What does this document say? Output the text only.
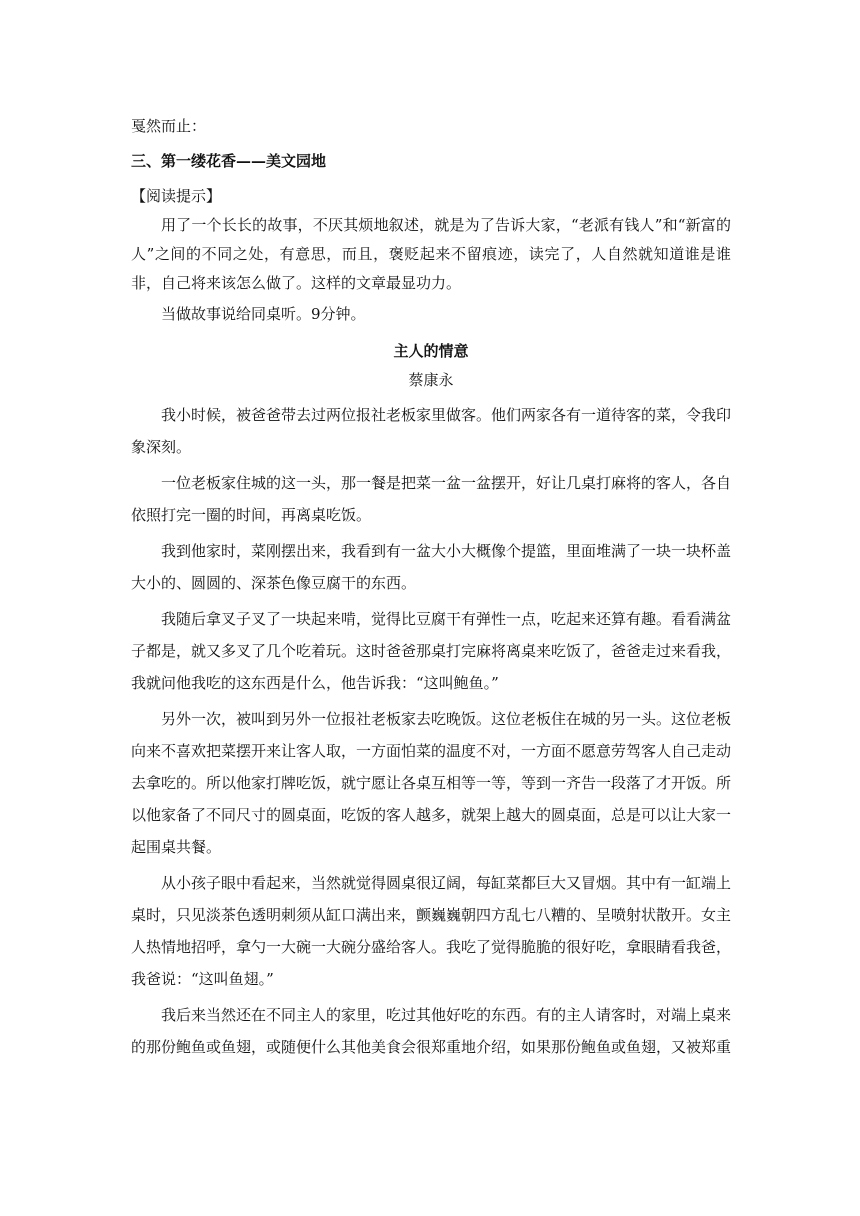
戛然而止：

三、第一缕花香——美文园地

【阅读提示】

用了一个长长的故事，不厌其烦地叙述，就是为了告诉大家，“老派有钱人”和“新富的人”之间的不同之处，有意思，而且，褒贬起来不留痕迹，读完了，人自然就知道谁是谁非，自己将来该怎么做了。这样的文章最显功力。

当做故事说给同桌听。9分钟。

主人的情意

蔡康永

我小时候，被爸爸带去过两位报社老板家里做客。他们两家各有一道待客的菜，令我印象深刻。

一位老板家住城的这一头，那一餐是把菜一盆一盆摆开，好让几桌打麻将的客人，各自依照打完一圈的时间，再离桌吃饭。

我到他家时，菜刚摆出来，我看到有一盆大小大概像个提篮，里面堆满了一块一块杯盖大小的、圆圆的、深茶色像豆腐干的东西。

我随后拿叉子叉了一块起来啃，觉得比豆腐干有弹性一点，吃起来还算有趣。看看满盆子都是，就又多叉了几个吃着玩。这时爸爸那桌打完麻将离桌来吃饭了，爸爸走过来看我，我就问他我吃的这东西是什么，他告诉我：“这叫鲍鱼。”

另外一次，被叫到另外一位报社老板家去吃晚饭。这位老板住在城的另一头。这位老板向来不喜欢把菜摆开来让客人取，一方面怕菜的温度不对，一方面不愿意劳驾客人自己走动去拿吃的。所以他家打牌吃饭，就宁愿让各桌互相等一等，等到一齐告一段落了才开饭。所以他家备了不同尺寸的圆桌面，吃饭的客人越多，就架上越大的圆桌面，总是可以让大家一起围桌共餐。

从小孩子眼中看起来，当然就觉得圆桌很辽阔，每缸菜都巨大又冒烟。其中有一缸端上桌时，只见淡茶色透明刺须从缸口满出来，颤巍巍朝四方乱七八糟的、呈喷射状散开。女主人热情地招呼，拿勺一大碗一大碗分盛给客人。我吃了觉得脆脆的很好吃，拿眼睛看我爸，我爸说：“这叫鱼翅。”

我后来当然还在不同主人的家里，吃过其他好吃的东西。有的主人请客时，对端上桌来的那份鲍鱼或鱼翅，或随便什么其他美食会很郑重地介绍，如果那份鲍鱼或鱼翅，又被郑重
